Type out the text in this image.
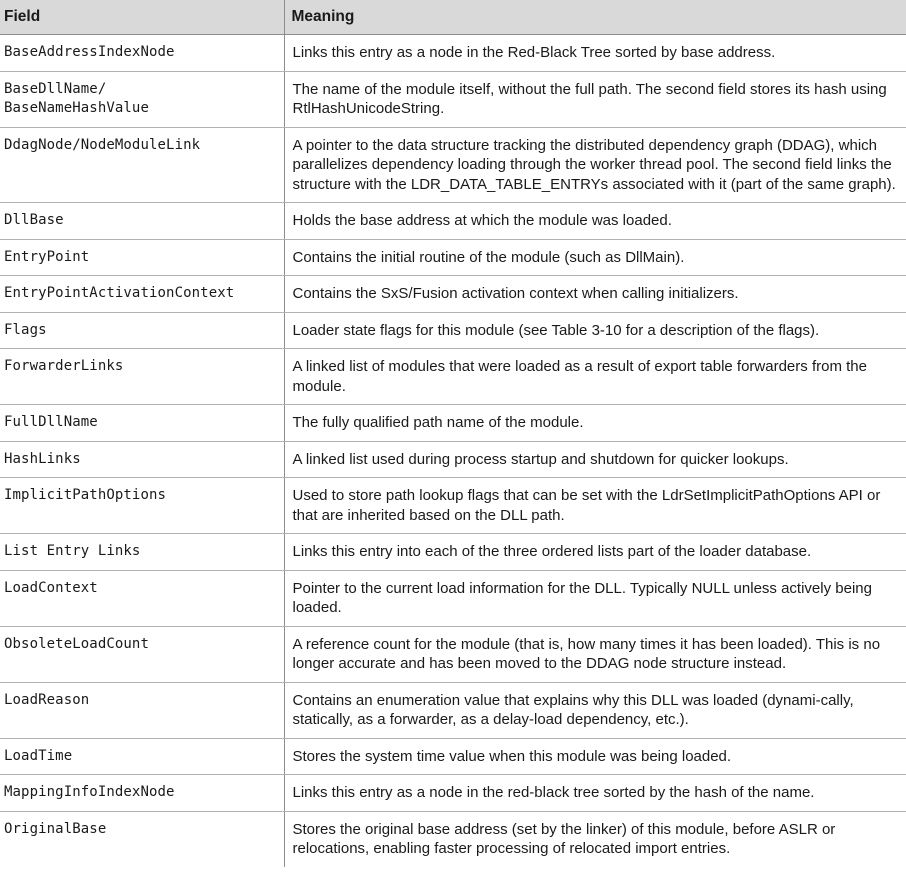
Field	Meaning
BaseAddressIndexNode	Links this entry as a node in the Red-Black Tree sorted by base address.
BaseDllName/
BaseNameHashValue	The name of the module itself, without the full path. The second field stores its hash using RtlHashUnicodeString.
DdagNode/NodeModuleLink	A pointer to the data structure tracking the distributed dependency graph (DDAG), which parallelizes dependency loading through the worker thread pool. The second field links the structure with the LDR_DATA_TABLE_ENTRYs associated with it (part of the same graph).
DllBase	Holds the base address at which the module was loaded.
EntryPoint	Contains the initial routine of the module (such as DllMain).
EntryPointActivationContext	Contains the SxS/Fusion activation context when calling initializers.
Flags	Loader state flags for this module (see Table 3-10 for a description of the flags).
ForwarderLinks	A linked list of modules that were loaded as a result of export table forwarders from the module.
FullDllName	The fully qualified path name of the module.
HashLinks	A linked list used during process startup and shutdown for quicker lookups.
ImplicitPathOptions	Used to store path lookup flags that can be set with the LdrSetImplicitPathOptions API or that are inherited based on the DLL path.
List Entry Links	Links this entry into each of the three ordered lists part of the loader database.
LoadContext	Pointer to the current load information for the DLL. Typically NULL unless actively being loaded.
ObsoleteLoadCount	A reference count for the module (that is, how many times it has been loaded). This is no longer accurate and has been moved to the DDAG node structure instead.
LoadReason	Contains an enumeration value that explains why this DLL was loaded (dynami-cally, statically, as a forwarder, as a delay-load dependency, etc.).
LoadTime	Stores the system time value when this module was being loaded.
MappingInfoIndexNode	Links this entry as a node in the red-black tree sorted by the hash of the name.
OriginalBase	Stores the original base address (set by the linker) of this module, before ASLR or relocations, enabling faster processing of relocated import entries.
